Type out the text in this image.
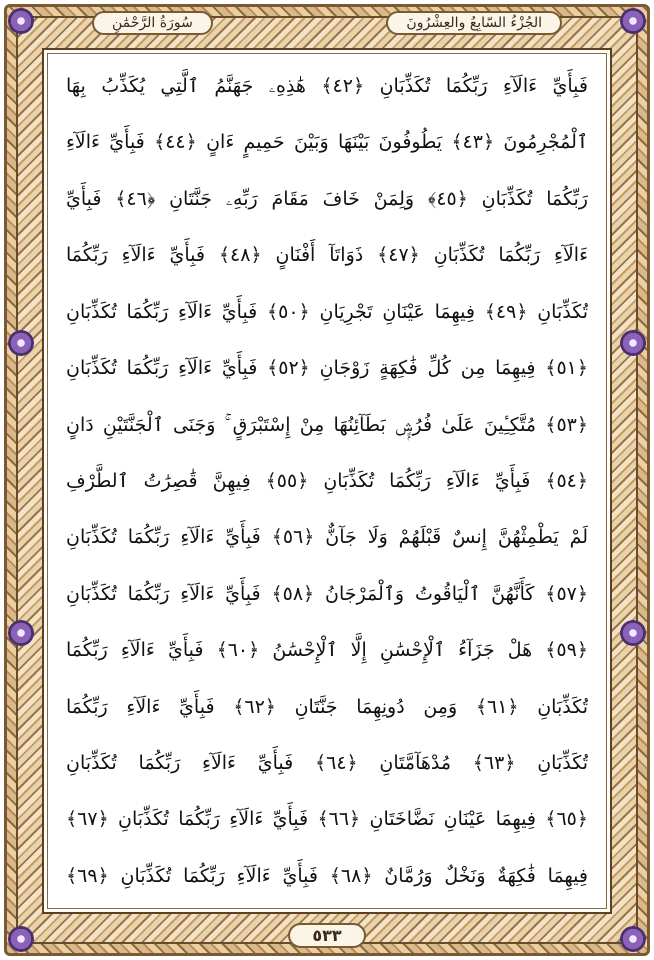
سُورَةُ الرَّحْمَٰنِ	الجُزْءُ السّابِعُ والعِشْرُونَ
فَبِأَيِّ ءَالَآءِ رَبِّكُمَا تُكَذِّبَانِ ﴿٤٢﴾ هَٰذِهِۦ جَهَنَّمُ ٱلَّتِي يُكَذِّبُ بِهَا
ٱلْمُجْرِمُونَ ﴿٤٣﴾ يَطُوفُونَ بَيْنَهَا وَبَيْنَ حَمِيمٍ ءَانٍ ﴿٤٤﴾ فَبِأَيِّ ءَالَآءِ
رَبِّكُمَا تُكَذِّبَانِ ﴿٤٥﴾ وَلِمَنْ خَافَ مَقَامَ رَبِّهِۦ جَنَّتَانِ ﴿٤٦﴾ فَبِأَيِّ
ءَالَآءِ رَبِّكُمَا تُكَذِّبَانِ ﴿٤٧﴾ ذَوَاتَآ أَفْنَانٍ ﴿٤٨﴾ فَبِأَيِّ ءَالَآءِ رَبِّكُمَا
تُكَذِّبَانِ ﴿٤٩﴾ فِيهِمَا عَيْنَانِ تَجْرِيَانِ ﴿٥٠﴾ فَبِأَيِّ ءَالَآءِ رَبِّكُمَا تُكَذِّبَانِ
﴿٥١﴾ فِيهِمَا مِن كُلِّ فَٰكِهَةٍ زَوْجَانِ ﴿٥٢﴾ فَبِأَيِّ ءَالَآءِ رَبِّكُمَا تُكَذِّبَانِ
﴿٥٣﴾ مُتَّكِـِٔينَ عَلَىٰ فُرُشٍۭ بَطَآئِنُهَا مِنْ إِسْتَبْرَقٍ ۚ وَجَنَى ٱلْجَنَّتَيْنِ دَانٍ
﴿٥٤﴾ فَبِأَيِّ ءَالَآءِ رَبِّكُمَا تُكَذِّبَانِ ﴿٥٥﴾ فِيهِنَّ قَٰصِرَٰتُ ٱلطَّرْفِ
لَمْ يَطْمِثْهُنَّ إِنسٌ قَبْلَهُمْ وَلَا جَآنٌّ ﴿٥٦﴾ فَبِأَيِّ ءَالَآءِ رَبِّكُمَا تُكَذِّبَانِ
﴿٥٧﴾ كَأَنَّهُنَّ ٱلْيَاقُوتُ وَٱلْمَرْجَانُ ﴿٥٨﴾ فَبِأَيِّ ءَالَآءِ رَبِّكُمَا تُكَذِّبَانِ
﴿٥٩﴾ هَلْ جَزَآءُ ٱلْإِحْسَٰنِ إِلَّا ٱلْإِحْسَٰنُ ﴿٦٠﴾ فَبِأَيِّ ءَالَآءِ رَبِّكُمَا
تُكَذِّبَانِ ﴿٦١﴾ وَمِن دُونِهِمَا جَنَّتَانِ ﴿٦٢﴾ فَبِأَيِّ ءَالَآءِ رَبِّكُمَا
تُكَذِّبَانِ ﴿٦٣﴾ مُدْهَآمَّتَانِ ﴿٦٤﴾ فَبِأَيِّ ءَالَآءِ رَبِّكُمَا تُكَذِّبَانِ
﴿٦٥﴾ فِيهِمَا عَيْنَانِ نَضَّاخَتَانِ ﴿٦٦﴾ فَبِأَيِّ ءَالَآءِ رَبِّكُمَا تُكَذِّبَانِ ﴿٦٧﴾
فِيهِمَا فَٰكِهَةٌ وَنَخْلٌ وَرُمَّانٌ ﴿٦٨﴾ فَبِأَيِّ ءَالَآءِ رَبِّكُمَا تُكَذِّبَانِ ﴿٦٩﴾
٥٣٣
